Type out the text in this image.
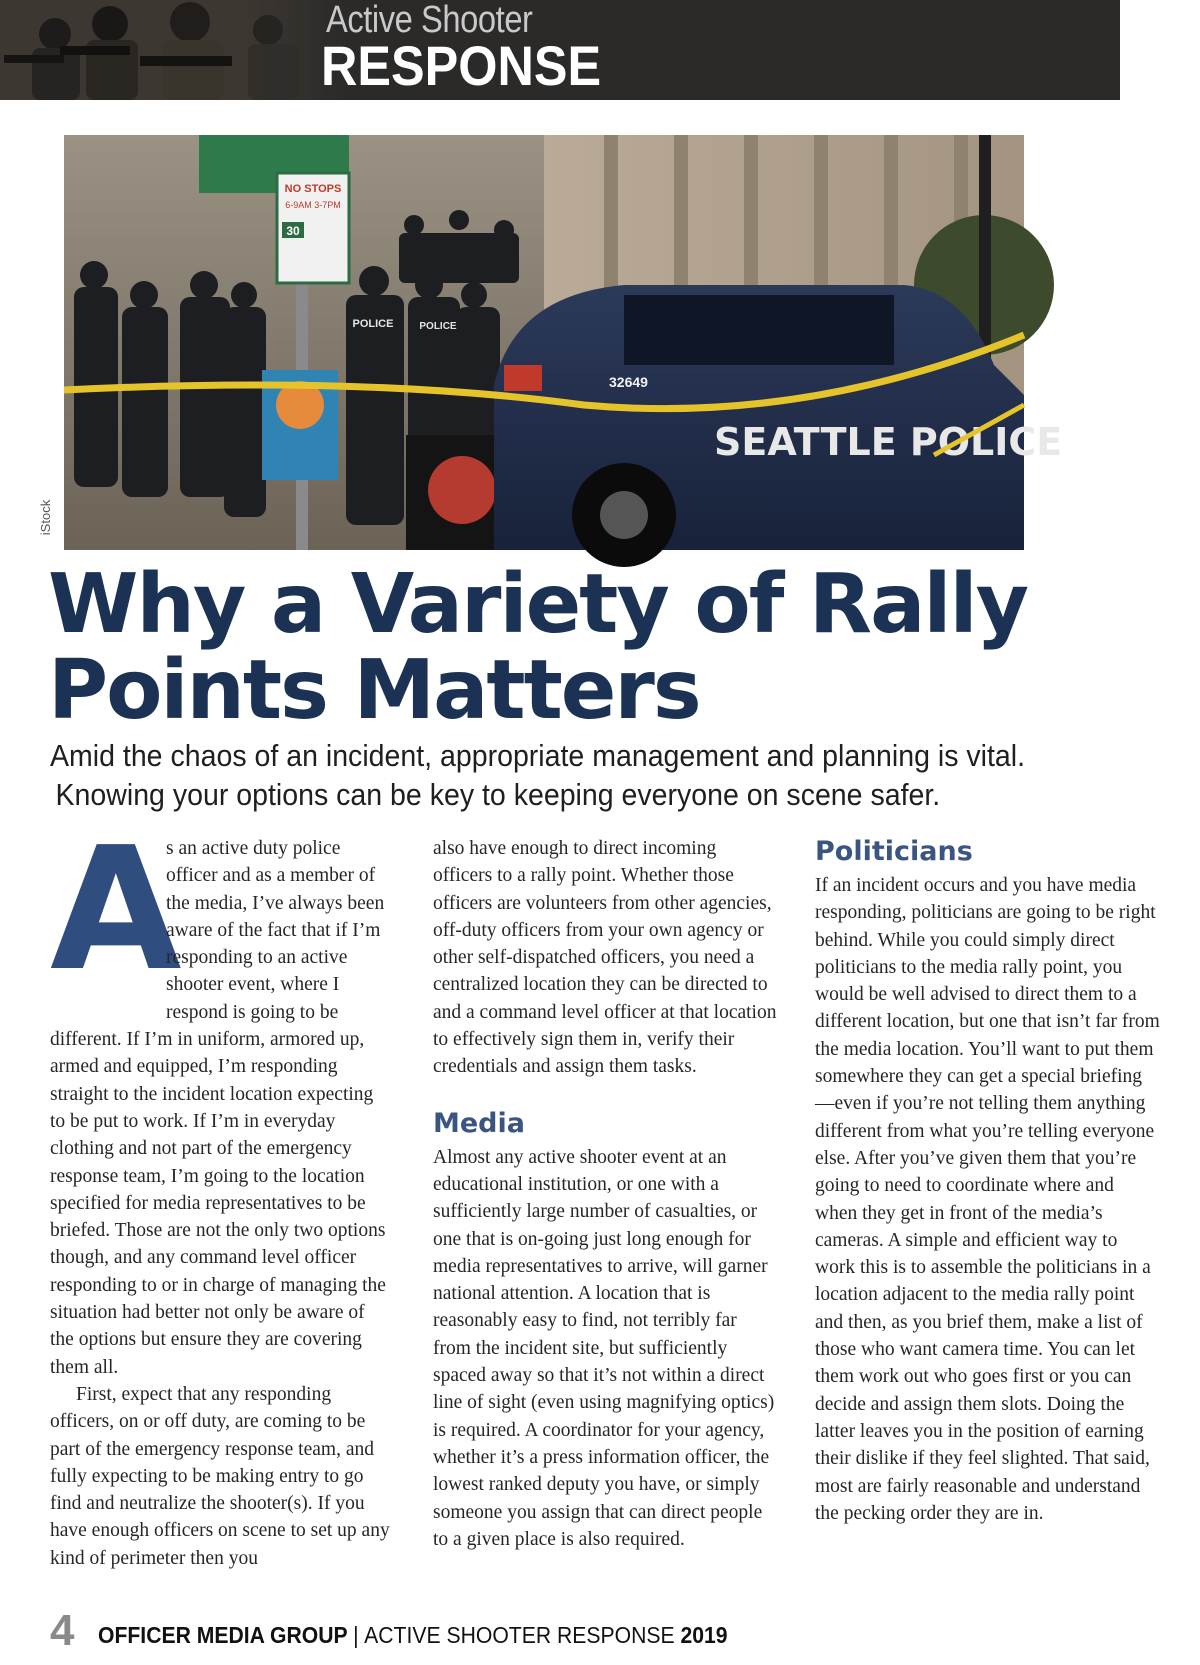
Active Shooter

RESPONSE

NO STOPS
6-9AM 3-7PM
30
POLICE	POLICE
32649
SEATTLE POLICE

iStock

Why a Variety of Rally
Points Matters

Amid the chaos of an incident, appropriate management and planning is vital.
Knowing your options can be key to keeping everyone on scene safer.

A

s an active duty police officer and as a member of the media, I’ve always been aware of the fact that if I’m responding to an active shooter event, where I respond is going to be different. If I’m in uniform, armored up, armed and equipped, I’m responding straight to the incident location expecting to be put to work. If I’m in everyday clothing and not part of the emergency response team, I’m going to the location specified for media representatives to be briefed. Those are not the only two options though, and any command level officer responding to or in charge of managing the situation had better not only be aware of the options but ensure they are covering them all.

First, expect that any responding officers, on or off duty, are coming to be part of the emergency response team, and fully expecting to be making entry to go find and neutralize the shooter(s). If you have enough officers on scene to set up any kind of perimeter then you

also have enough to direct incoming officers to a rally point. Whether those officers are volunteers from other agencies, off-duty officers from your own agency or other self-dispatched officers, you need a centralized location they can be directed to and a command level officer at that location to effectively sign them in, verify their credentials and assign them tasks.

Media

Almost any active shooter event at an educational institution, or one with a sufficiently large number of casualties, or one that is on-going just long enough for media representatives to arrive, will garner national attention. A location that is reasonably easy to find, not terribly far from the incident site, but sufficiently spaced away so that it’s not within a direct line of sight (even using magnifying optics) is required. A coordinator for your agency, whether it’s a press information officer, the lowest ranked deputy you have, or simply someone you assign that can direct people to a given place is also required.

Politicians

If an incident occurs and you have media responding, politicians are going to be right behind. While you could simply direct politicians to the media rally point, you would be well advised to direct them to a different location, but one that isn’t far from the media location. You’ll want to put them somewhere they can get a special briefing—even if you’re not telling them anything different from what you’re telling everyone else. After you’ve given them that you’re going to need to coordinate where and when they get in front of the media’s cameras. A simple and efficient way to work this is to assemble the politicians in a location adjacent to the media rally point and then, as you brief them, make a list of those who want camera time. You can let them work out who goes first or you can decide and assign them slots. Doing the latter leaves you in the position of earning their dislike if they feel slighted. That said, most are fairly reasonable and understand the pecking order they are in.

4 OFFICER MEDIA GROUP | ACTIVE SHOOTER RESPONSE 2019
